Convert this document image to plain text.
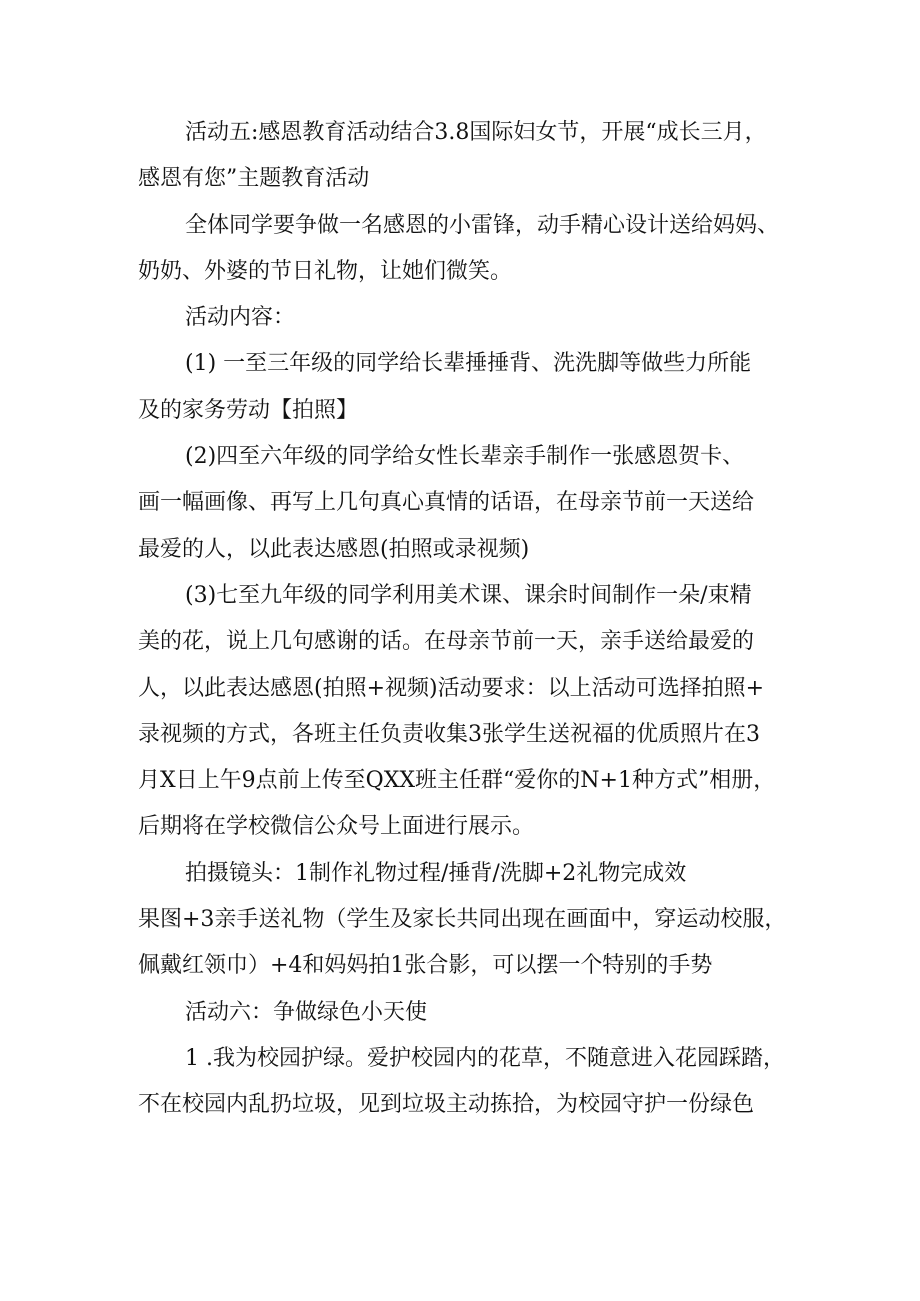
活动五:感恩教育活动结合3.8国际妇女节，开展“成长三月，
感恩有您”主题教育活动
全体同学要争做一名感恩的小雷锋，动手精心设计送给妈妈、
奶奶、外婆的节日礼物，让她们微笑。
活动内容：
(1) 一至三年级的同学给长辈捶捶背、洗洗脚等做些力所能
及的家务劳动【拍照】
(2)四至六年级的同学给女性长辈亲手制作一张感恩贺卡、
画一幅画像、再写上几句真心真情的话语，在母亲节前一天送给
最爱的人，以此表达感恩(拍照或录视频)
(3)七至九年级的同学利用美术课、课余时间制作一朵/束精
美的花，说上几句感谢的话。在母亲节前一天，亲手送给最爱的
人，以此表达感恩(拍照+视频)活动要求：以上活动可选择拍照+
录视频的方式，各班主任负责收集3张学生送祝福的优质照片在3
月X日上午9点前上传至QXX班主任群“爱你的N+1种方式”相册，
后期将在学校微信公众号上面进行展示。
拍摄镜头：1制作礼物过程/捶背/洗脚+2礼物完成效
果图+3亲手送礼物（学生及家长共同出现在画面中，穿运动校服，
佩戴红领巾）+4和妈妈拍1张合影，可以摆一个特别的手势
活动六：争做绿色小天使
1 .我为校园护绿。爱护校园内的花草，不随意进入花园踩踏，
不在校园内乱扔垃圾，见到垃圾主动拣拾，为校园守护一份绿色
